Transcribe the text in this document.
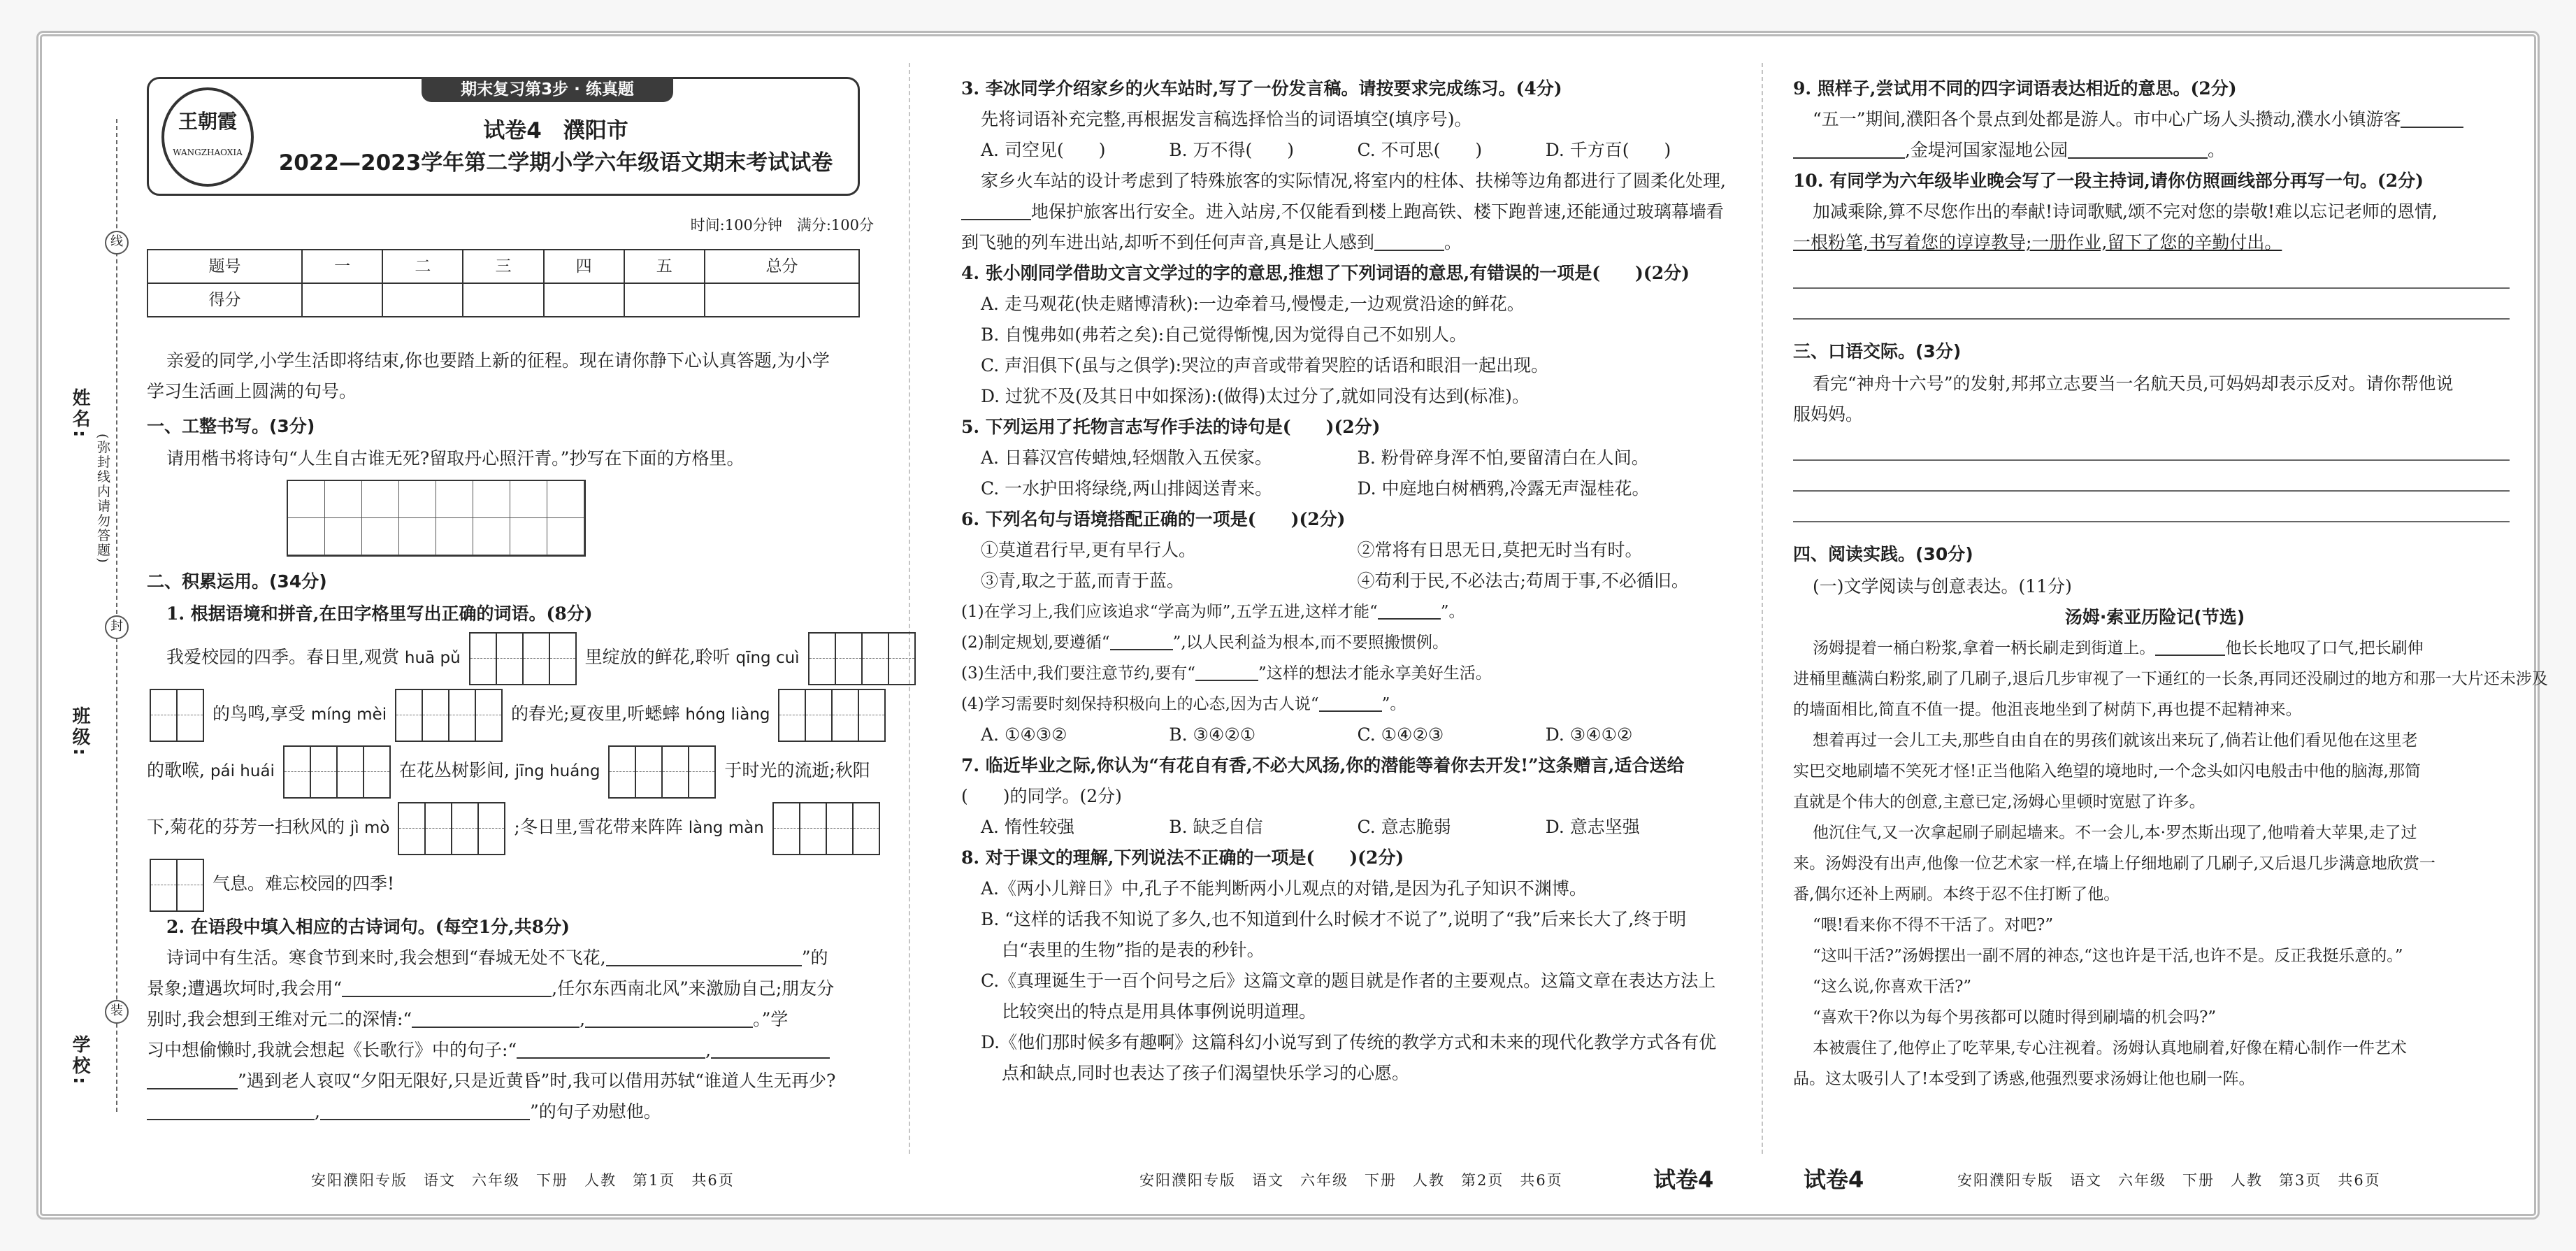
姓名:
(弥封线内请勿答题)
班级:
学校:
线
封
装
期末复习第3步 · 练真题
王朝霞
WANGZHAOXIA
试卷4　濮阳市
2022—2023学年第二学期小学六年级语文期末考试试卷
时间:100分钟　满分:100分
题号	一	二	三	四	五	总分
得分						

亲爱的同学,小学生活即将结束,你也要踏上新的征程。现在请你静下心认真答题,为小学

学习生活画上圆满的句号。

一、工整书写。(3分)

请用楷书将诗句“人生自古谁无死?留取丹心照汗青。”抄写在下面的方格里。

二、积累运用。(34分)

1. 根据语境和拼音,在田字格里写出正确的词语。(8分)

我爱校园的四季。春日里,观赏 huā pǔ	里绽放的鲜花,聆听 qīng cuì
的鸟鸣,享受 míng mèi	的春光;夏夜里,听蟋蟀 hóng liàng
的歌喉, pái huái	在花丛树影间, jīng huáng	于时光的流逝;秋阳
下,菊花的芬芳一扫秋风的 jì mò	;冬日里,雪花带来阵阵 làng màn
气息。难忘校园的四季!

2. 在语段中填入相应的古诗词句。(每空1分,共8分)

诗词中有生活。寒食节到来时,我会想到“春城无处不飞花,	”的

景象;遭遇坎坷时,我会用“	,任尔东西南北风”来激励自己;朋友分

别时,我会想到王维对元二的深情:“	,	。”学

习中想偷懒时,我就会想起《长歌行》中的句子:“	,

”遇到老人哀叹“夕阳无限好,只是近黄昏”时,我可以借用苏轼“谁道人生无再少?

,	”的句子劝慰他。

3. 李冰同学介绍家乡的火车站时,写了一份发言稿。请按要求完成练习。(4分)

先将词语补充完整,再根据发言稿选择恰当的词语填空(填序号)。

A. 司空见(　　)	B. 万不得(　　)	C. 不可思(　　)	D. 千方百(　　)

家乡火车站的设计考虑到了特殊旅客的实际情况,将室内的柱体、扶梯等边角都进行了圆柔化处理,

地保护旅客出行安全。进入站房,不仅能看到楼上跑高铁、楼下跑普速,还能通过玻璃幕墙看

到飞驰的列车进出站,却听不到任何声音,真是让人感到	。

4. 张小刚同学借助文言文学过的字的意思,推想了下列词语的意思,有错误的一项是(　　)(2分)

A. 走马观花(快走赌博清秋):一边牵着马,慢慢走,一边观赏沿途的鲜花。

B. 自愧弗如(弗若之矣):自己觉得惭愧,因为觉得自己不如别人。

C. 声泪俱下(虽与之俱学):哭泣的声音或带着哭腔的话语和眼泪一起出现。

D. 过犹不及(及其日中如探汤):(做得)太过分了,就如同没有达到(标准)。

5. 下列运用了托物言志写作手法的诗句是(　　)(2分)

A. 日暮汉宫传蜡烛,轻烟散入五侯家。	B. 粉骨碎身浑不怕,要留清白在人间。

C. 一水护田将绿绕,两山排闼送青来。	D. 中庭地白树栖鸦,冷露无声湿桂花。

6. 下列名句与语境搭配正确的一项是(　　)(2分)

①莫道君行早,更有早行人。	②常将有日思无日,莫把无时当有时。

③青,取之于蓝,而青于蓝。	④苟利于民,不必法古;苟周于事,不必循旧。

(1)在学习上,我们应该追求“学高为师”,五学五进,这样才能“	”。

(2)制定规划,要遵循“	”,以人民利益为根本,而不要照搬惯例。

(3)生活中,我们要注意节约,要有“	”这样的想法才能永享美好生活。

(4)学习需要时刻保持积极向上的心态,因为古人说“	”。

A. ①④③②	B. ③④②①	C. ①④②③	D. ③④①②

7. 临近毕业之际,你认为“有花自有香,不必大风扬,你的潜能等着你去开发!”这条赠言,适合送给

(　　)的同学。(2分)

A. 惰性较强	B. 缺乏自信	C. 意志脆弱	D. 意志坚强

8. 对于课文的理解,下列说法不正确的一项是(　　)(2分)

A.《两小儿辩日》中,孔子不能判断两小儿观点的对错,是因为孔子知识不渊博。

B. “这样的话我不知说了多久,也不知道到什么时候才不说了”,说明了“我”后来长大了,终于明

白“表里的生物”指的是表的秒针。

C.《真理诞生于一百个问号之后》这篇文章的题目就是作者的主要观点。这篇文章在表达方法上

比较突出的特点是用具体事例说明道理。

D.《他们那时候多有趣啊》这篇科幻小说写到了传统的教学方式和未来的现代化教学方式各有优

点和缺点,同时也表达了孩子们渴望快乐学习的心愿。

9. 照样子,尝试用不同的四字词语表达相近的意思。(2分)

“五一”期间,濮阳各个景点到处都是游人。市中心广场人头攒动,濮水小镇游客

,金堤河国家湿地公园	。

10. 有同学为六年级毕业晚会写了一段主持词,请你仿照画线部分再写一句。(2分)

加减乘除,算不尽您作出的奉献!诗词歌赋,颂不完对您的崇敬!难以忘记老师的恩情,

一根粉笔,书写着您的谆谆教导;一册作业,留下了您的辛勤付出。

三、口语交际。(3分)

看完“神舟十六号”的发射,邦邦立志要当一名航天员,可妈妈却表示反对。请你帮他说

服妈妈。

四、阅读实践。(30分)

(一)文学阅读与创意表达。(11分)

汤姆·索亚历险记(节选)

汤姆提着一桶白粉浆,拿着一柄长刷走到街道上。	他长长地叹了口气,把长刷伸

进桶里蘸满白粉浆,刷了几刷子,退后几步审视了一下通红的一长条,再同还没刷过的地方和那一大片还未涉及

的墙面相比,简直不值一提。他沮丧地坐到了树荫下,再也提不起精神来。

想着再过一会儿工夫,那些自由自在的男孩们就该出来玩了,倘若让他们看见他在这里老

实巴交地刷墙不笑死才怪!正当他陷入绝望的境地时,一个念头如闪电般击中他的脑海,那简

直就是个伟大的创意,主意已定,汤姆心里顿时宽慰了许多。

他沉住气,又一次拿起刷子刷起墙来。不一会儿,本·罗杰斯出现了,他啃着大苹果,走了过

来。汤姆没有出声,他像一位艺术家一样,在墙上仔细地刷了几刷子,又后退几步满意地欣赏一

番,偶尔还补上两刷。本终于忍不住打断了他。

“喂!看来你不得不干活了。对吧?”

“这叫干活?”汤姆摆出一副不屑的神态,“这也许是干活,也许不是。反正我挺乐意的。”

“这么说,你喜欢干活?”

“喜欢干?你以为每个男孩都可以随时得到刷墙的机会吗?”

本被震住了,他停止了吃苹果,专心注视着。汤姆认真地刷着,好像在精心制作一件艺术

品。这太吸引人了!本受到了诱惑,他强烈要求汤姆让他也刷一阵。

安阳濮阳专版　语文　六年级　下册　人教　第1页　共6页	安阳濮阳专版　语文　六年级　下册　人教　第2页　共6页	试卷4	试卷4	安阳濮阳专版　语文　六年级　下册　人教　第3页　共6页
